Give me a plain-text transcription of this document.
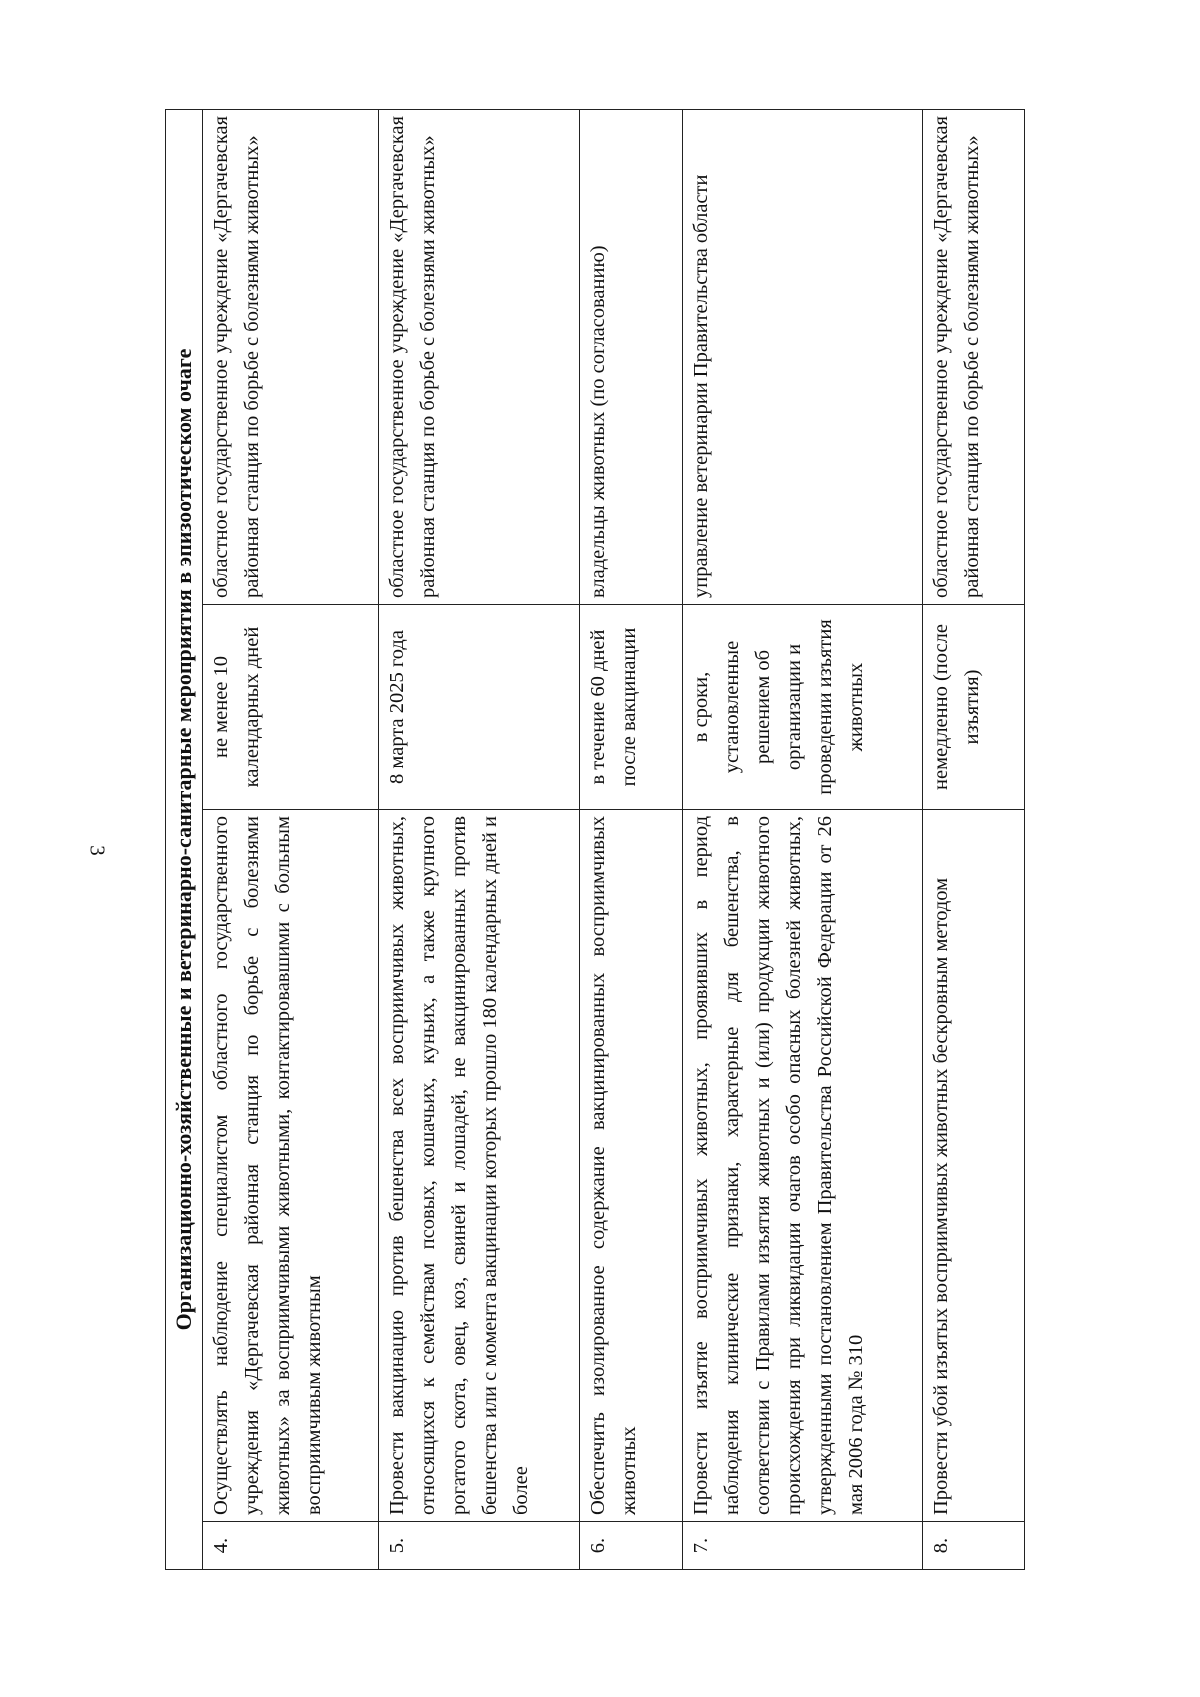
3	Организационно-хозяйственные и ветеринарно-санитарные мероприятия в эпизоотическом очаге			
4.	Осуществлять наблюдение специалистом областного государственного учреждения «Дергачевская районная станция по борьбе с болезнями животных» за восприимчивыми животными, контактировавшими с больным восприимчивым животным	не менее 10 календарных дней	областное государственное учреждение «Дергачевская районная станция по борьбе с болезнями животных»
5.	Провести вакцинацию против бешенства всех восприимчивых животных, относящихся к семействам псовых, кошачьих, куньих, а также крупного рогатого скота, овец, коз, свиней и лошадей, не вакцинированных против бешенства или с момента вакцинации которых прошло 180 календарных дней и более	8 марта 2025 года	областное государственное учреждение «Дергачевская районная станция по борьбе с болезнями животных»
6.	Обеспечить изолированное содержание вакцинированных восприимчивых животных	в течение 60 дней после вакцинации	владельцы животных (по согласованию)
7.	Провести изъятие восприимчивых животных, проявивших в период наблюдения клинические признаки, характерные для бешенства, в соответствии с Правилами изъятия животных и (или) продукции животного происхождения при ликвидации очагов особо опасных болезней животных, утвержденными постановлением Правительства Российской Федерации от 26 мая 2006 года № 310	в сроки, установленные решением об организации и проведении изъятия животных	управление ветеринарии Правительства области
8.	Провести убой изъятых восприимчивых животных бескровным методом	немедленно (после изъятия)	областное государственное учреждение «Дергачевская районная станция по борьбе с болезнями животных»
